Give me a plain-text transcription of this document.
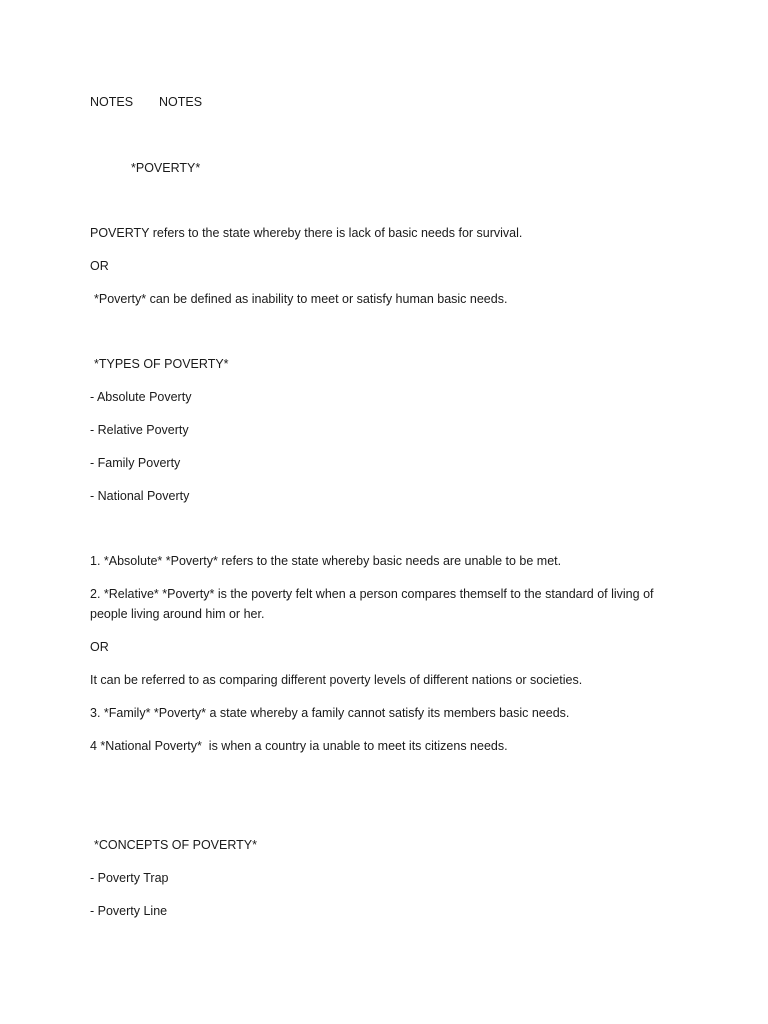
NOTES	NOTES
*POVERTY*
POVERTY refers to the state whereby there is lack of basic needs for survival.
OR
*Poverty* can be defined as inability to meet or satisfy human basic needs.
*TYPES OF POVERTY*
- Absolute Poverty
- Relative Poverty
- Family Poverty
- National Poverty
1. *Absolute* *Poverty* refers to the state whereby basic needs are unable to be met.
2. *Relative* *Poverty* is the poverty felt when a person compares themself to the standard of living of people living around him or her.
OR
It can be referred to as comparing different poverty levels of different nations or societies.
3. *Family* *Poverty* a state whereby a family cannot satisfy its members basic needs.
4 *National Poverty*  is when a country ia unable to meet its citizens needs.
*CONCEPTS OF POVERTY*
- Poverty Trap
- Poverty Line
